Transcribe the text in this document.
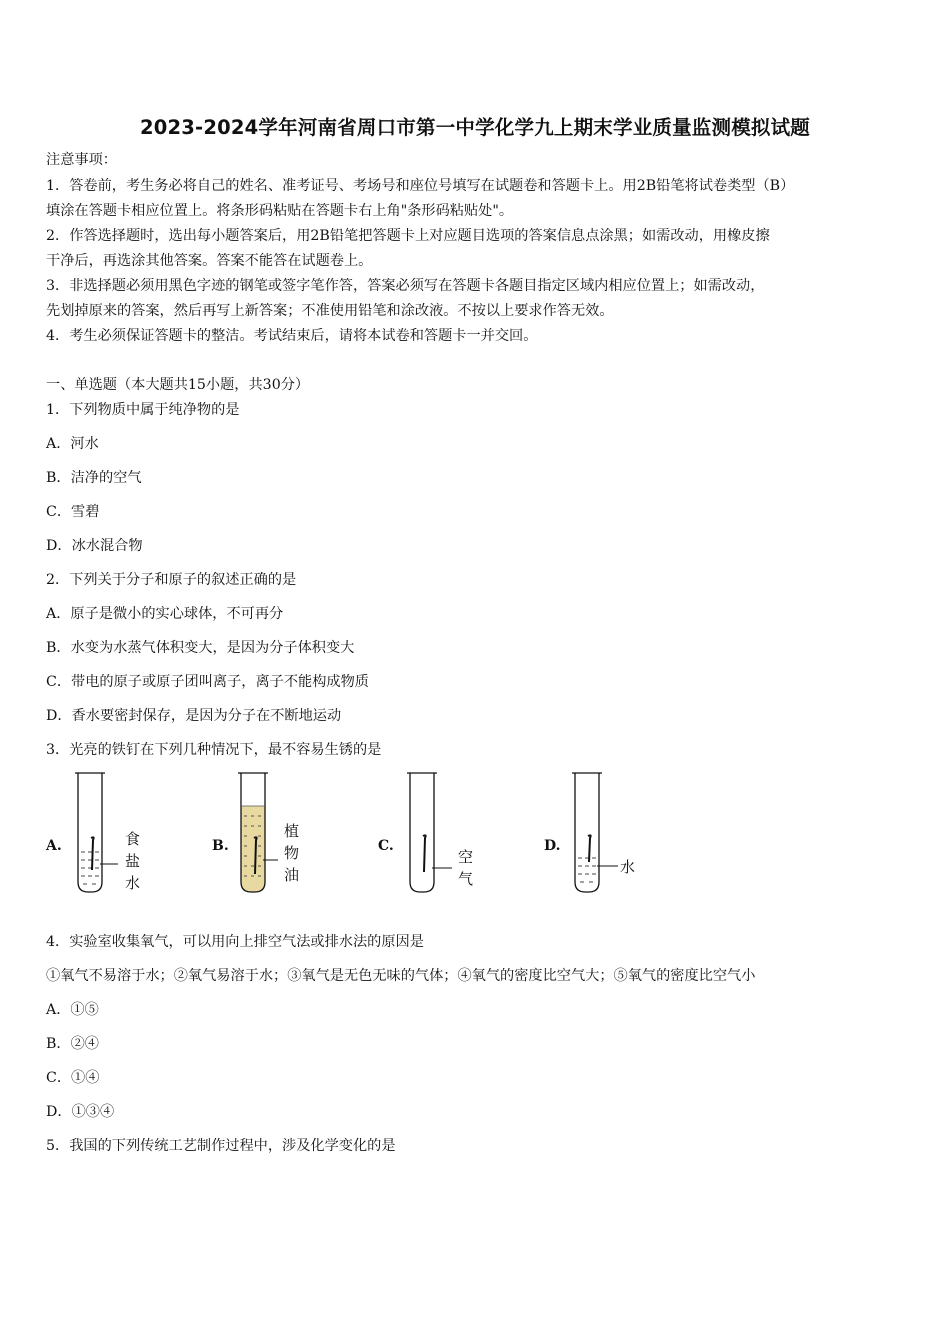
2023-2024学年河南省周口市第一中学化学九上期末学业质量监测模拟试题
注意事项：
1．答卷前，考生务必将自己的姓名、准考证号、考场号和座位号填写在试题卷和答题卡上。用2B铅笔将试卷类型（B）
填涂在答题卡相应位置上。将条形码粘贴在答题卡右上角"条形码粘贴处"。
2．作答选择题时，选出每小题答案后，用2B铅笔把答题卡上对应题目选项的答案信息点涂黑；如需改动，用橡皮擦
干净后，再选涂其他答案。答案不能答在试题卷上。
3．非选择题必须用黑色字迹的钢笔或签字笔作答，答案必须写在答题卡各题目指定区域内相应位置上；如需改动，
先划掉原来的答案，然后再写上新答案；不准使用铅笔和涂改液。不按以上要求作答无效。
4．考生必须保证答题卡的整洁。考试结束后，请将本试卷和答题卡一并交回。
一、单选题（本大题共15小题，共30分）
1．下列物质中属于纯净物的是
A．河水
B．洁净的空气
C．雪碧
D．冰水混合物
2．下列关于分子和原子的叙述正确的是
A．原子是微小的实心球体，不可再分
B．水变为水蒸气体积变大，是因为分子体积变大
C．带电的原子或原子团叫离子，离子不能构成物质
D．香水要密封保存，是因为分子在不断地运动
3．光亮的铁钉在下列几种情况下，最不容易生锈的是
A.	B.	C.	D.
食
盐
水
植
物
油
空
气
水
4．实验室收集氧气，可以用向上排空气法或排水法的原因是
①氧气不易溶于水；②氧气易溶于水；③氧气是无色无味的气体；④氧气的密度比空气大；⑤氧气的密度比空气小
A．①⑤
B．②④
C．①④
D．①③④
5．我国的下列传统工艺制作过程中，涉及化学变化的是
